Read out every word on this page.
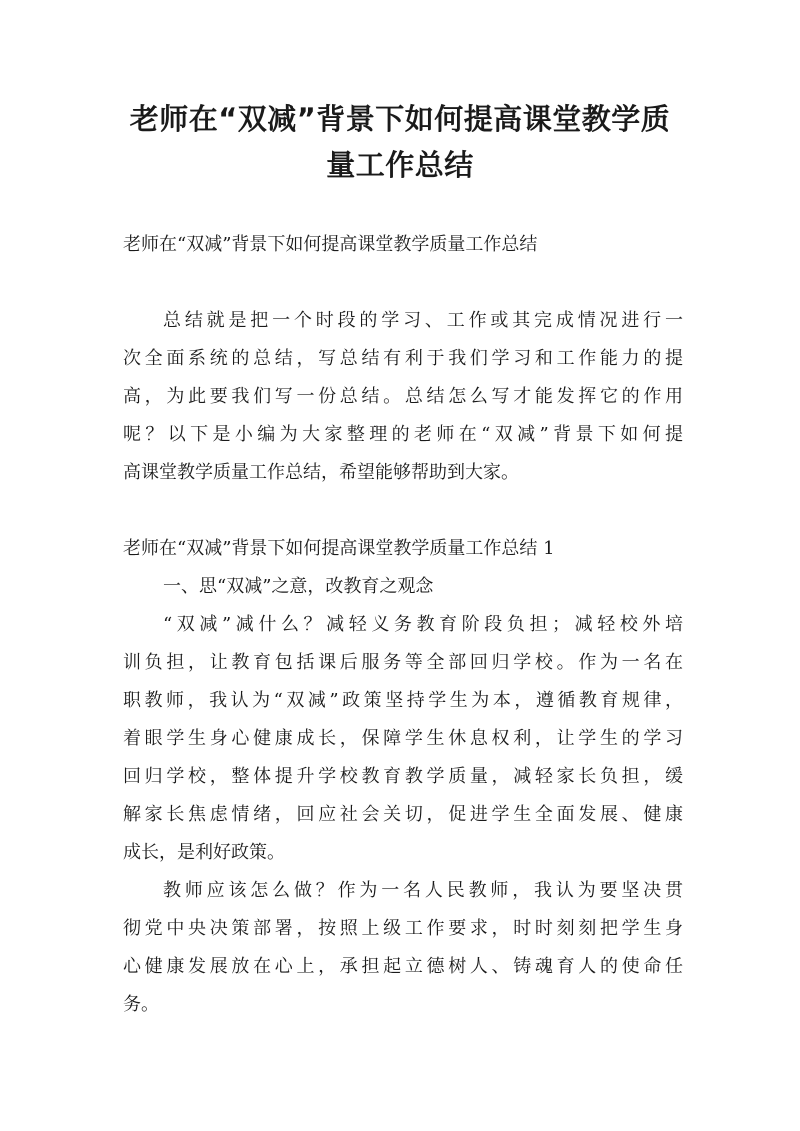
老师在“双减”背景下如何提高课堂教学质
量工作总结
老师在“双减”背景下如何提高课堂教学质量工作总结
总结就是把一个时段的学习、工作或其完成情况进行一
次全面系统的总结，写总结有利于我们学习和工作能力的提
高，为此要我们写一份总结。总结怎么写才能发挥它的作用
呢？以下是小编为大家整理的老师在“双减”背景下如何提
高课堂教学质量工作总结，希望能够帮助到大家。
老师在“双减”背景下如何提高课堂教学质量工作总结 1
一、思“双减”之意，改教育之观念
“双减”减什么？减轻义务教育阶段负担；减轻校外培
训负担，让教育包括课后服务等全部回归学校。作为一名在
职教师，我认为“双减”政策坚持学生为本，遵循教育规律，
着眼学生身心健康成长，保障学生休息权利，让学生的学习
回归学校，整体提升学校教育教学质量，减轻家长负担，缓
解家长焦虑情绪，回应社会关切，促进学生全面发展、健康
成长，是利好政策。
教师应该怎么做？作为一名人民教师，我认为要坚决贯
彻党中央决策部署，按照上级工作要求，时时刻刻把学生身
心健康发展放在心上，承担起立德树人、铸魂育人的使命任
务。
